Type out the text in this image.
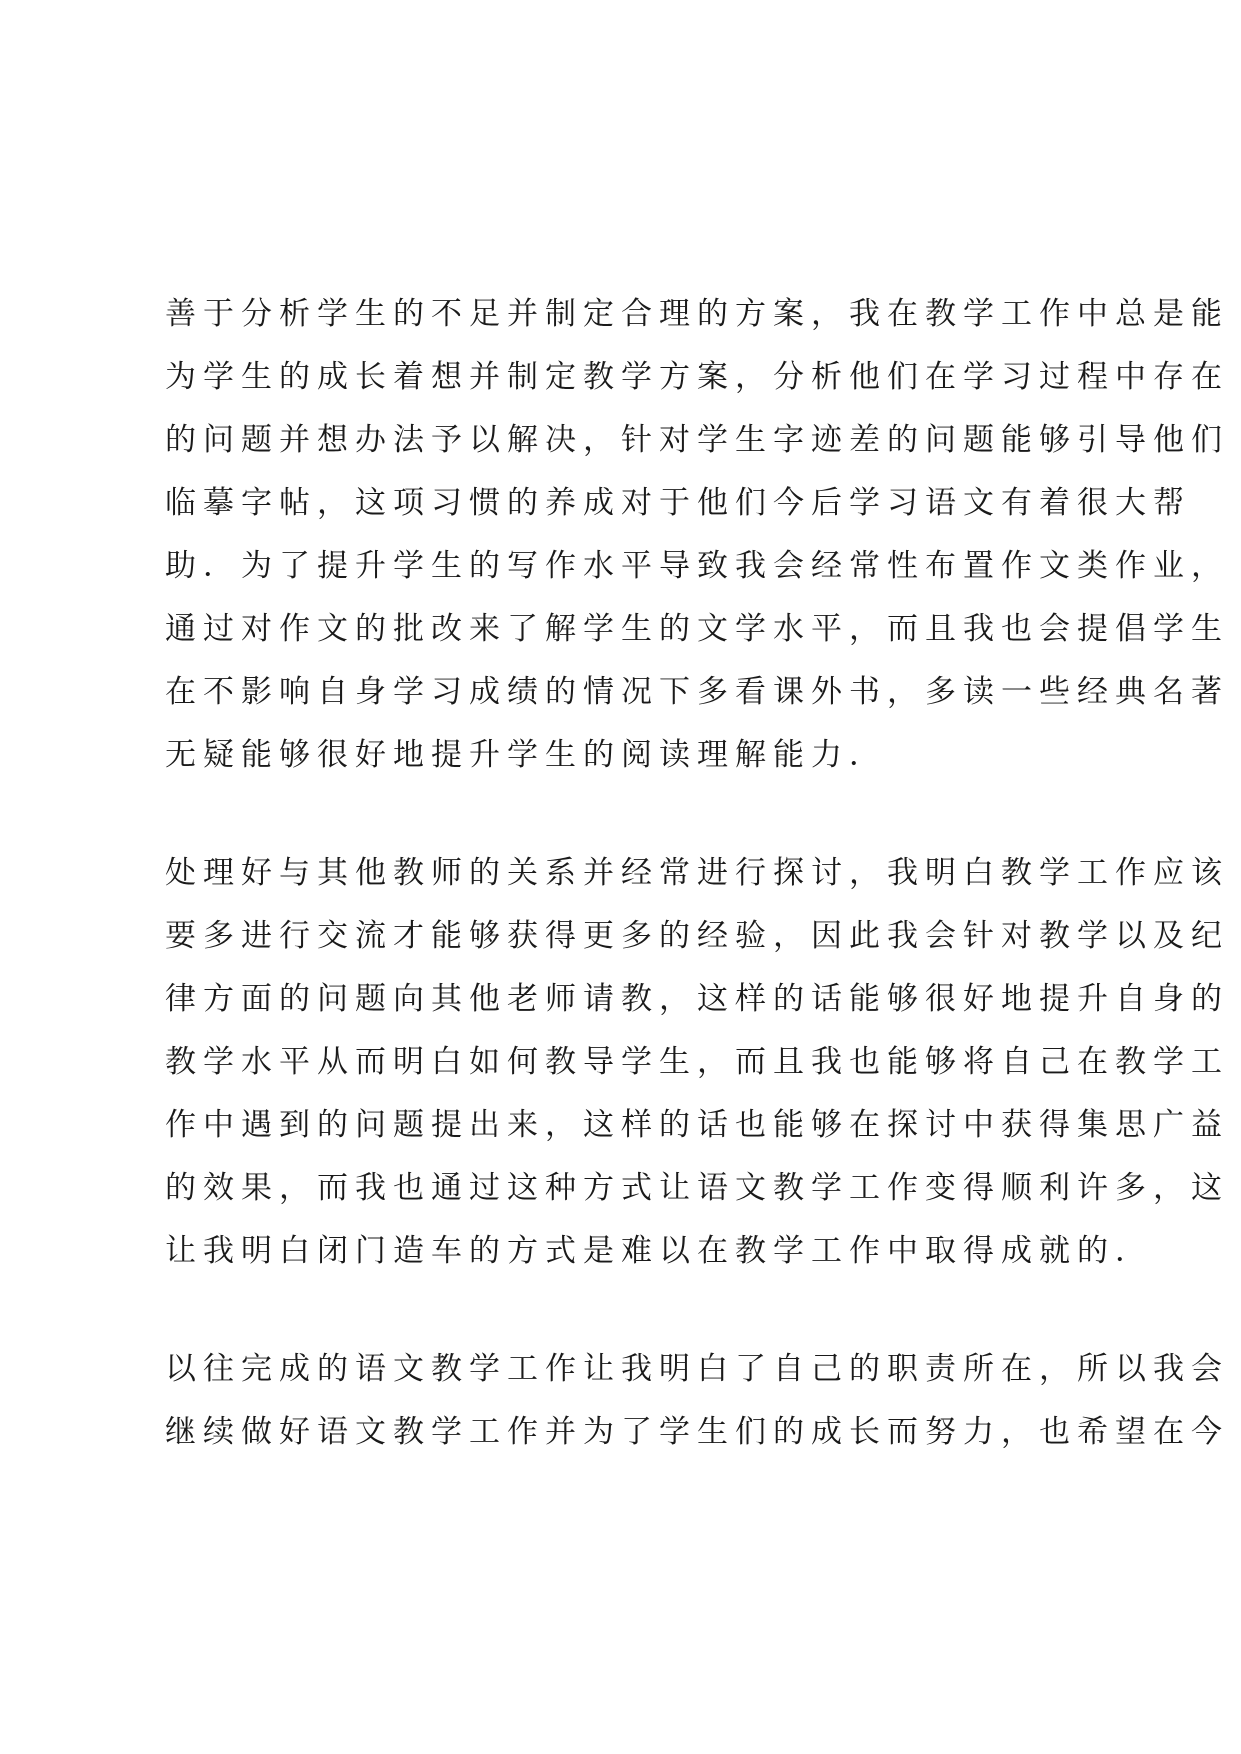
善于分析学生的不足并制定合理的方案，我在教学工作中总是能
为学生的成长着想并制定教学方案，分析他们在学习过程中存在
的问题并想办法予以解决，针对学生字迹差的问题能够引导他们
临摹字帖，这项习惯的养成对于他们今后学习语文有着很大帮
助．为了提升学生的写作水平导致我会经常性布置作文类作业，
通过对作文的批改来了解学生的文学水平，而且我也会提倡学生
在不影响自身学习成绩的情况下多看课外书，多读一些经典名著
无疑能够很好地提升学生的阅读理解能力．
处理好与其他教师的关系并经常进行探讨，我明白教学工作应该
要多进行交流才能够获得更多的经验，因此我会针对教学以及纪
律方面的问题向其他老师请教，这样的话能够很好地提升自身的
教学水平从而明白如何教导学生，而且我也能够将自己在教学工
作中遇到的问题提出来，这样的话也能够在探讨中获得集思广益
的效果，而我也通过这种方式让语文教学工作变得顺利许多，这
让我明白闭门造车的方式是难以在教学工作中取得成就的．
以往完成的语文教学工作让我明白了自己的职责所在，所以我会
继续做好语文教学工作并为了学生们的成长而努力，也希望在今
